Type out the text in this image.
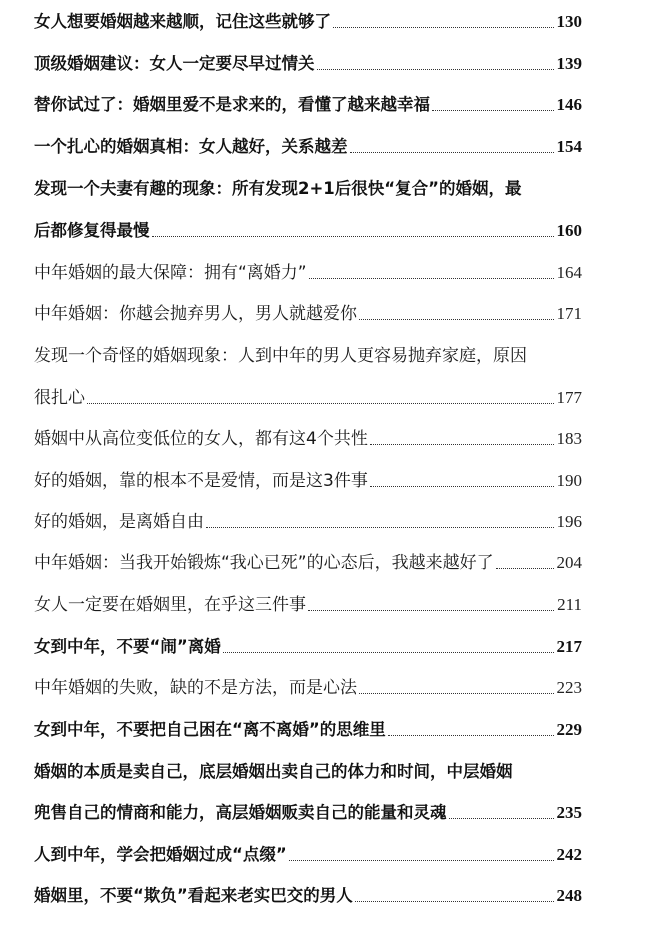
女人想要婚姻越来越顺，记住这些就够了	130
顶级婚姻建议：女人一定要尽早过情关	139
替你试过了：婚姻里爱不是求来的，看懂了越来越幸福	146
一个扎心的婚姻真相：女人越好，关系越差	154
发现一个夫妻有趣的现象：所有发现2+1后很快“复合”的婚姻，最
后都修复得最慢	160
中年婚姻的最大保障：拥有“离婚力”	164
中年婚姻：你越会抛弃男人，男人就越爱你	171
发现一个奇怪的婚姻现象：人到中年的男人更容易抛弃家庭，原因
很扎心	177
婚姻中从高位变低位的女人，都有这4个共性	183
好的婚姻，靠的根本不是爱情，而是这3件事	190
好的婚姻，是离婚自由	196
中年婚姻：当我开始锻炼“我心已死”的心态后，我越来越好了	204
女人一定要在婚姻里，在乎这三件事	211
女到中年，不要“闹”离婚	217
中年婚姻的失败，缺的不是方法，而是心法	223
女到中年，不要把自己困在“离不离婚”的思维里	229
婚姻的本质是卖自己，底层婚姻出卖自己的体力和时间，中层婚姻
兜售自己的情商和能力，高层婚姻贩卖自己的能量和灵魂	235
人到中年，学会把婚姻过成“点缀”	242
婚姻里，不要“欺负”看起来老实巴交的男人	248
